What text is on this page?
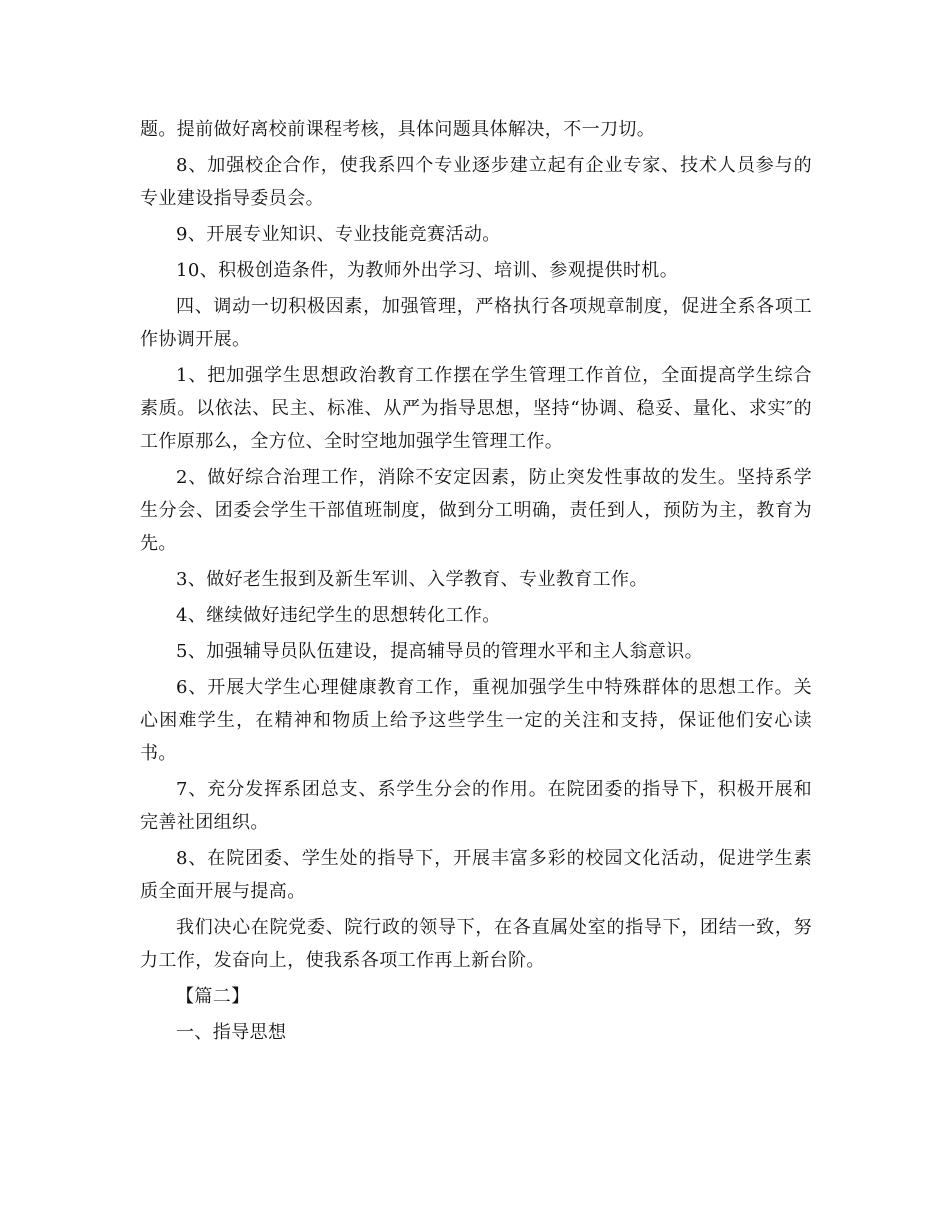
题。提前做好离校前课程考核，具体问题具体解决，不一刀切。

8、加强校企合作，使我系四个专业逐步建立起有企业专家、技术人员参与的专业建设指导委员会。

9、开展专业知识、专业技能竞赛活动。

10、积极创造条件，为教师外出学习、培训、参观提供时机。

四、调动一切积极因素，加强管理，严格执行各项规章制度，促进全系各项工作协调开展。

1、把加强学生思想政治教育工作摆在学生管理工作首位，全面提高学生综合素质。以依法、民主、标准、从严为指导思想，坚持“协调、稳妥、量化、求实″的工作原那么，全方位、全时空地加强学生管理工作。

2、做好综合治理工作，消除不安定因素，防止突发性事故的发生。坚持系学生分会、团委会学生干部值班制度，做到分工明确，责任到人，预防为主，教育为先。

3、做好老生报到及新生军训、入学教育、专业教育工作。

4、继续做好违纪学生的思想转化工作。

5、加强辅导员队伍建设，提高辅导员的管理水平和主人翁意识。

6、开展大学生心理健康教育工作，重视加强学生中特殊群体的思想工作。关心困难学生，在精神和物质上给予这些学生一定的关注和支持，保证他们安心读书。

7、充分发挥系团总支、系学生分会的作用。在院团委的指导下，积极开展和完善社团组织。

8、在院团委、学生处的指导下，开展丰富多彩的校园文化活动，促进学生素质全面开展与提高。

我们决心在院党委、院行政的领导下，在各直属处室的指导下，团结一致，努力工作，发奋向上，使我系各项工作再上新台阶。

【篇二】

一、指导思想
